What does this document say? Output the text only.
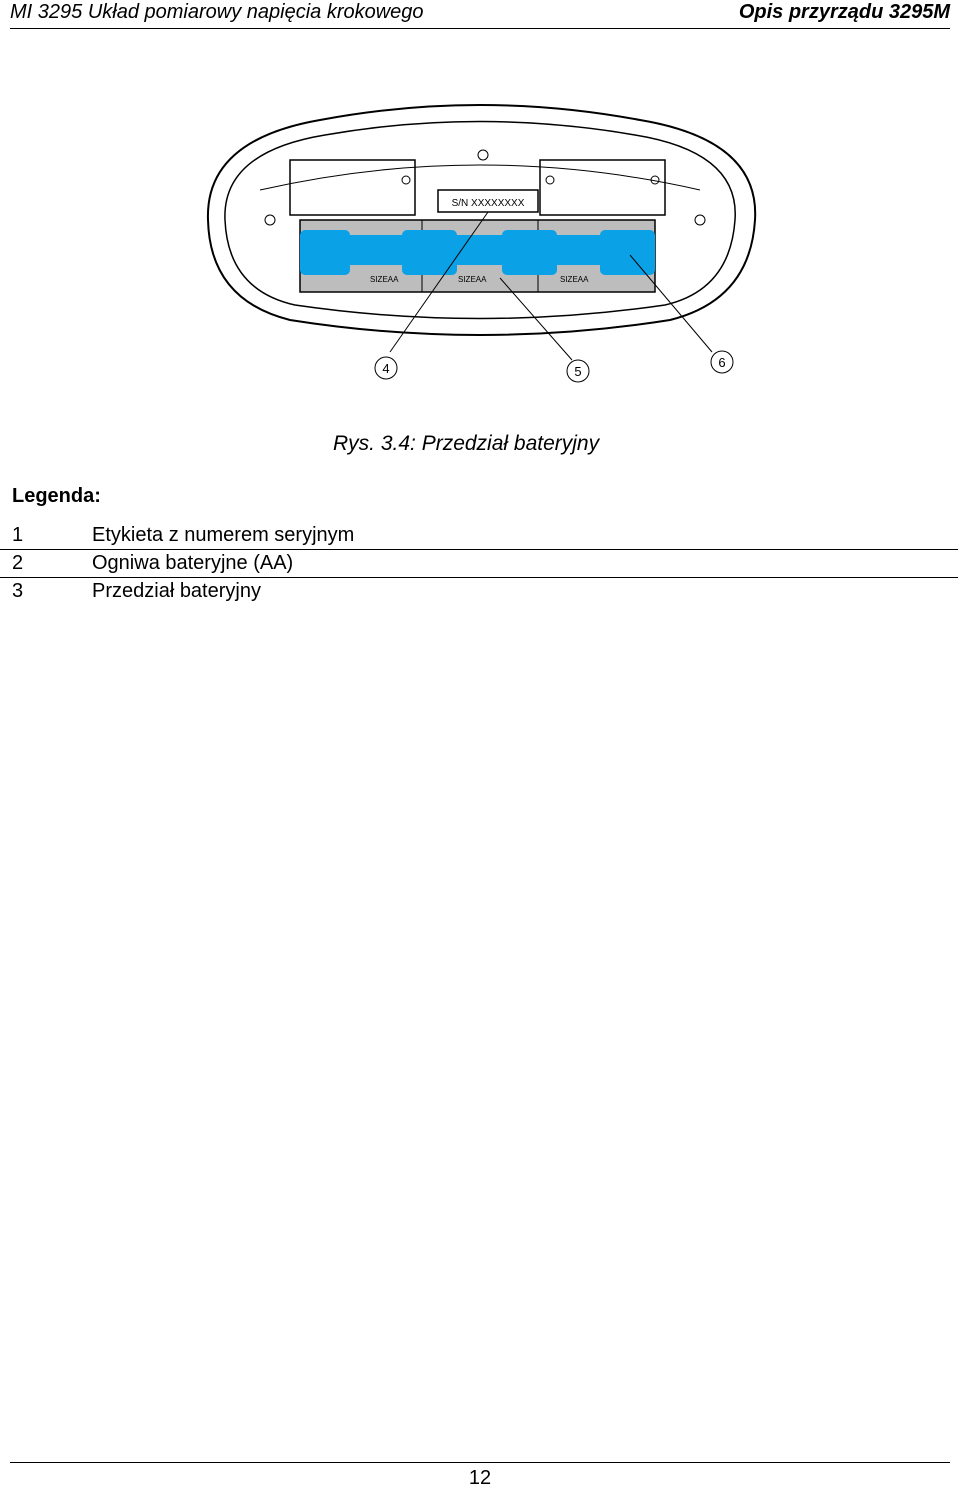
MI 3295 Układ pomiarowy napięcia krokowego	Opis przyrządu 3295M
S/N XXXXXXXX
SIZEAA	SIZEAA	SIZEAA
4	5
6
Rys. 3.4: Przedział bateryjny
Legenda:
1	Etykieta z numerem seryjnym
2	Ogniwa bateryjne (AA)
3	Przedział bateryjny
12
